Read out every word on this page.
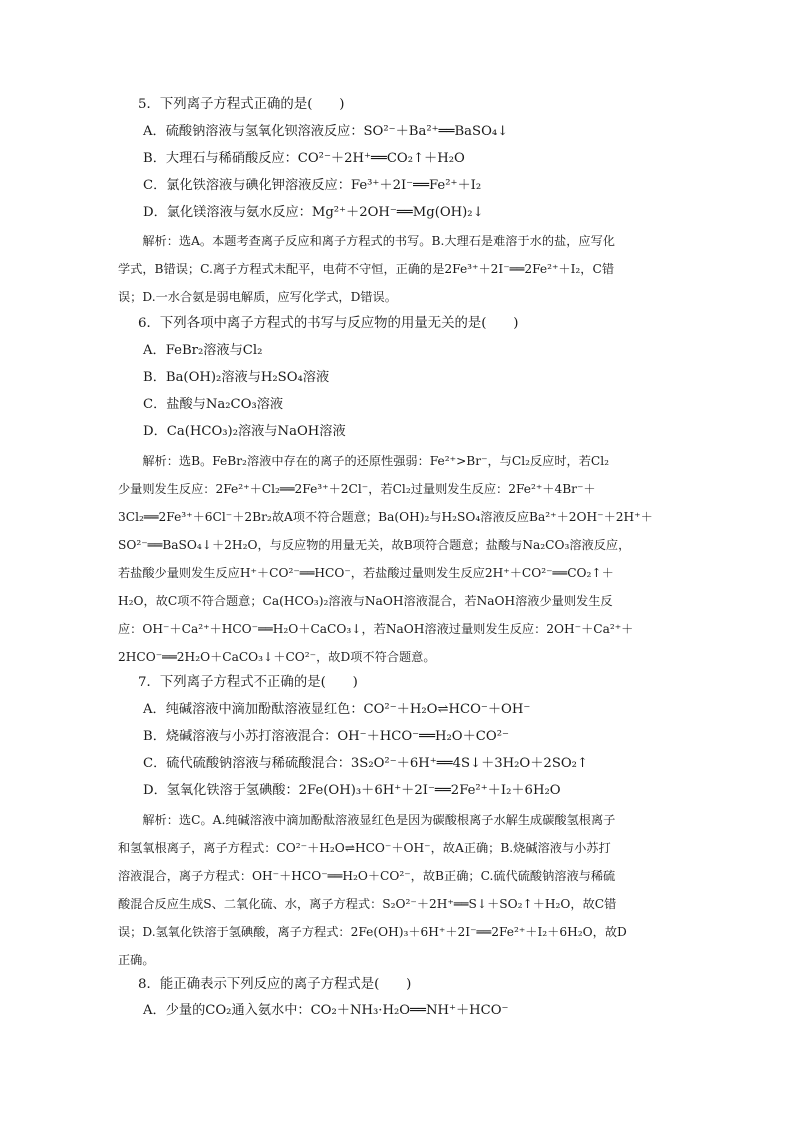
5．下列离子方程式正确的是(　　)
A．硫酸钠溶液与氢氧化钡溶液反应：SO²⁻＋Ba²⁺══BaSO₄↓
B．大理石与稀硝酸反应：CO²⁻＋2H⁺══CO₂↑＋H₂O
C．氯化铁溶液与碘化钾溶液反应：Fe³⁺＋2I⁻══Fe²⁺＋I₂
D．氯化镁溶液与氨水反应：Mg²⁺＋2OH⁻══Mg(OH)₂↓
　　解析：选A。本题考查离子反应和离子方程式的书写。B.大理石是难溶于水的盐，应写化
学式，B错误；C.离子方程式未配平，电荷不守恒，正确的是2Fe³⁺＋2I⁻══2Fe²⁺＋I₂，C错
误；D.一水合氨是弱电解质，应写化学式，D错误。
6．下列各项中离子方程式的书写与反应物的用量无关的是(　　)
A．FeBr₂溶液与Cl₂
B．Ba(OH)₂溶液与H₂SO₄溶液
C．盐酸与Na₂CO₃溶液
D．Ca(HCO₃)₂溶液与NaOH溶液
　　解析：选B。FeBr₂溶液中存在的离子的还原性强弱：Fe²⁺>Br⁻，与Cl₂反应时，若Cl₂
少量则发生反应：2Fe²⁺＋Cl₂══2Fe³⁺＋2Cl⁻，若Cl₂过量则发生反应：2Fe²⁺＋4Br⁻＋
3Cl₂══2Fe³⁺＋6Cl⁻＋2Br₂故A项不符合题意；Ba(OH)₂与H₂SO₄溶液反应Ba²⁺＋2OH⁻＋2H⁺＋
SO²⁻══BaSO₄↓＋2H₂O，与反应物的用量无关，故B项符合题意；盐酸与Na₂CO₃溶液反应，
若盐酸少量则发生反应H⁺＋CO²⁻══HCO⁻，若盐酸过量则发生反应2H⁺＋CO²⁻══CO₂↑＋
H₂O，故C项不符合题意；Ca(HCO₃)₂溶液与NaOH溶液混合，若NaOH溶液少量则发生反
应：OH⁻＋Ca²⁺＋HCO⁻══H₂O＋CaCO₃↓，若NaOH溶液过量则发生反应：2OH⁻＋Ca²⁺＋
2HCO⁻══2H₂O＋CaCO₃↓＋CO²⁻，故D项不符合题意。
7．下列离子方程式不正确的是(　　)
A．纯碱溶液中滴加酚酞溶液显红色：CO²⁻＋H₂O⇌HCO⁻＋OH⁻
B．烧碱溶液与小苏打溶液混合：OH⁻＋HCO⁻══H₂O＋CO²⁻
C．硫代硫酸钠溶液与稀硫酸混合：3S₂O²⁻＋6H⁺══4S↓＋3H₂O＋2SO₂↑
D．氢氧化铁溶于氢碘酸：2Fe(OH)₃＋6H⁺＋2I⁻══2Fe²⁺＋I₂＋6H₂O
　　解析：选C。A.纯碱溶液中滴加酚酞溶液显红色是因为碳酸根离子水解生成碳酸氢根离子
和氢氧根离子，离子方程式：CO²⁻＋H₂O⇌HCO⁻＋OH⁻，故A正确；B.烧碱溶液与小苏打
溶液混合，离子方程式：OH⁻＋HCO⁻══H₂O＋CO²⁻，故B正确；C.硫代硫酸钠溶液与稀硫
酸混合反应生成S、二氧化硫、水，离子方程式：S₂O²⁻＋2H⁺══S↓＋SO₂↑＋H₂O，故C错
误；D.氢氧化铁溶于氢碘酸，离子方程式：2Fe(OH)₃＋6H⁺＋2I⁻══2Fe²⁺＋I₂＋6H₂O，故D
正确。
8．能正确表示下列反应的离子方程式是(　　)
A．少量的CO₂通入氨水中：CO₂＋NH₃·H₂O══NH⁺＋HCO⁻
